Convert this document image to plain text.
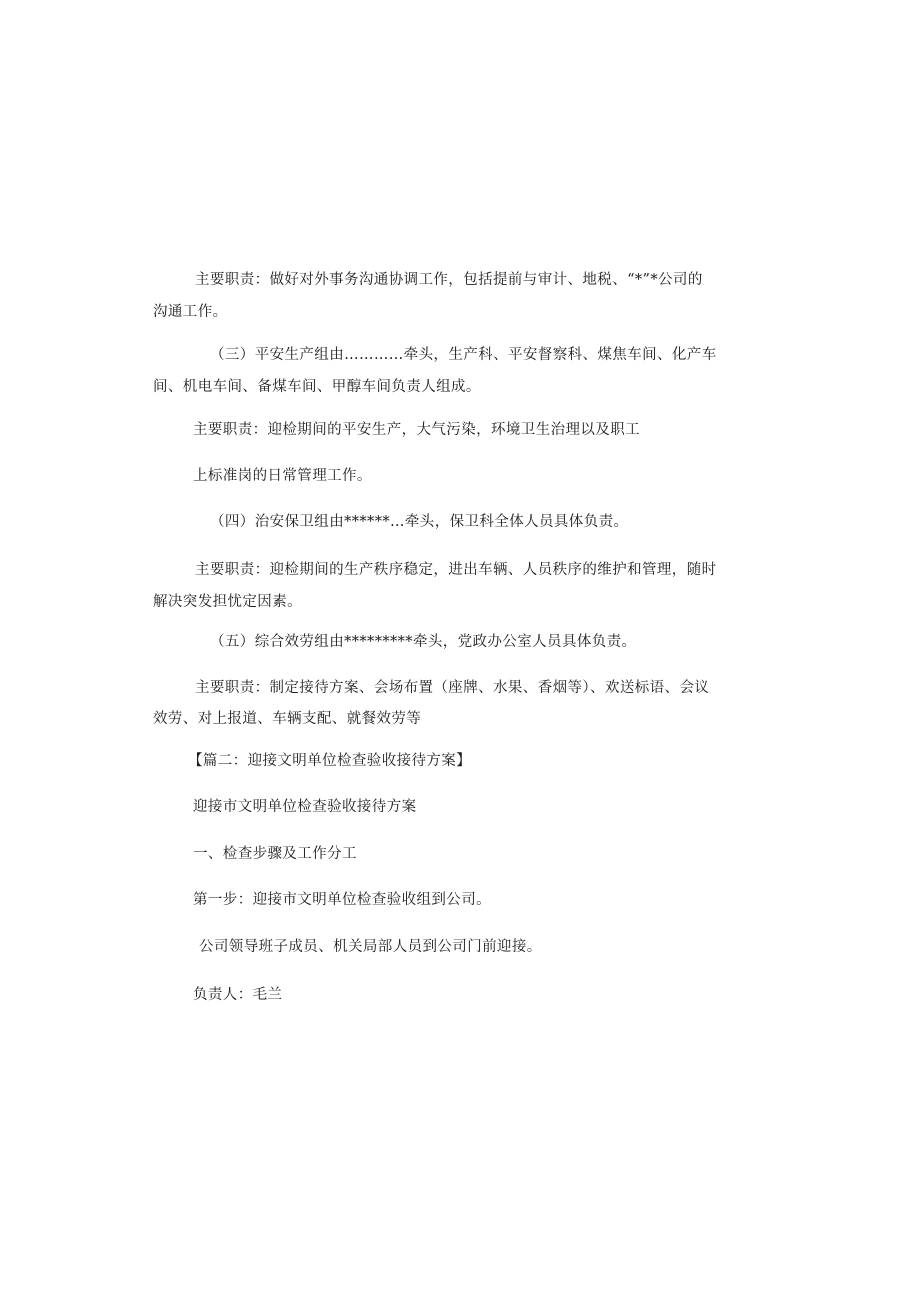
主要职责：做好对外事务沟通协调工作，包括提前与审计、地税、“*”*公司的
沟通工作。
（三）平安生产组由…………牵头，生产科、平安督察科、煤焦车间、化产车
间、机电车间、备煤车间、甲醇车间负责人组成。
主要职责：迎检期间的平安生产，大气污染，环境卫生治理以及职工
上标准岗的日常管理工作。
（四）治安保卫组由******…牵头，保卫科全体人员具体负责。
主要职责：迎检期间的生产秩序稳定，进出车辆、人员秩序的维护和管理，随时
解决突发担忧定因素。
（五）综合效劳组由*********牵头，党政办公室人员具体负责。
主要职责：制定接待方案、会场布置（座牌、水果、香烟等）、欢送标语、会议
效劳、对上报道、车辆支配、就餐效劳等
【篇二：迎接文明单位检查验收接待方案】
迎接市文明单位检查验收接待方案
一、检查步骤及工作分工
第一步：迎接市文明单位检查验收组到公司。
公司领导班子成员、机关局部人员到公司门前迎接。
负责人：毛兰
